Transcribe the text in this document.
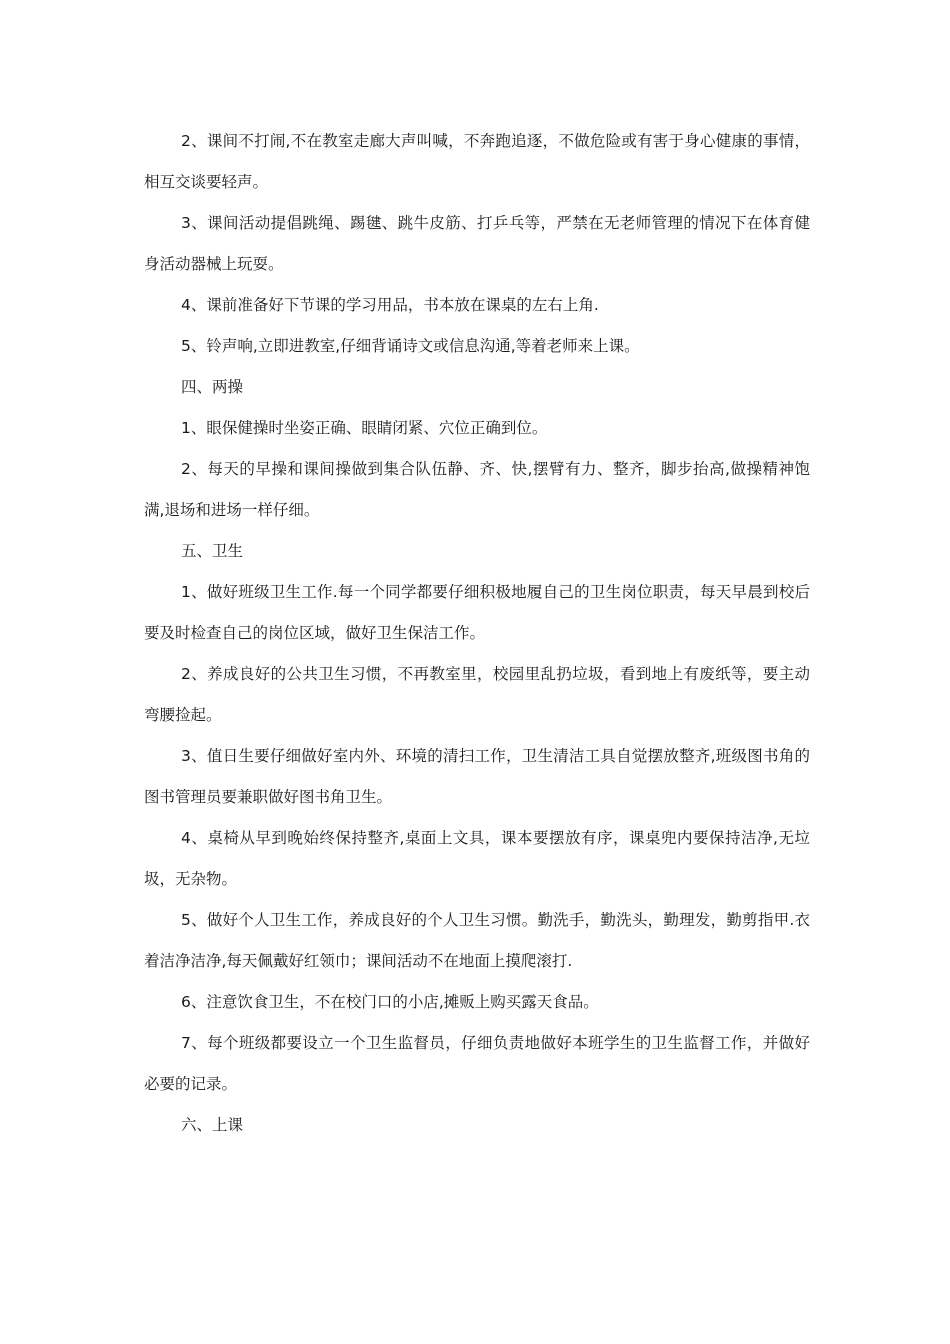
2、课间不打闹,不在教室走廊大声叫喊，不奔跑追逐，不做危险或有害于身心健康的事情，相互交谈要轻声。

3、课间活动提倡跳绳、踢毽、跳牛皮筋、打乒乓等，严禁在无老师管理的情况下在体育健身活动器械上玩耍。

4、课前准备好下节课的学习用品，书本放在课桌的左右上角.

5、铃声响,立即进教室,仔细背诵诗文或信息沟通,等着老师来上课。

四、两操

1、眼保健操时坐姿正确、眼睛闭紧、穴位正确到位。

2、每天的早操和课间操做到集合队伍静、齐、快,摆臂有力、整齐，脚步抬高,做操精神饱满,退场和进场一样仔细。

五、卫生

1、做好班级卫生工作.每一个同学都要仔细积极地履自己的卫生岗位职责，每天早晨到校后要及时检查自己的岗位区域，做好卫生保洁工作。

2、养成良好的公共卫生习惯，不再教室里，校园里乱扔垃圾，看到地上有废纸等，要主动弯腰捡起。

3、值日生要仔细做好室内外、环境的清扫工作，卫生清洁工具自觉摆放整齐,班级图书角的图书管理员要兼职做好图书角卫生。

4、桌椅从早到晚始终保持整齐,桌面上文具，课本要摆放有序，课桌兜内要保持洁净,无垃圾，无杂物。

5、做好个人卫生工作，养成良好的个人卫生习惯。勤洗手，勤洗头，勤理发，勤剪指甲.衣着洁净洁净,每天佩戴好红领巾；课间活动不在地面上摸爬滚打.

6、注意饮食卫生，不在校门口的小店,摊贩上购买露天食品。

7、每个班级都要设立一个卫生监督员，仔细负责地做好本班学生的卫生监督工作，并做好必要的记录。

六、上课
